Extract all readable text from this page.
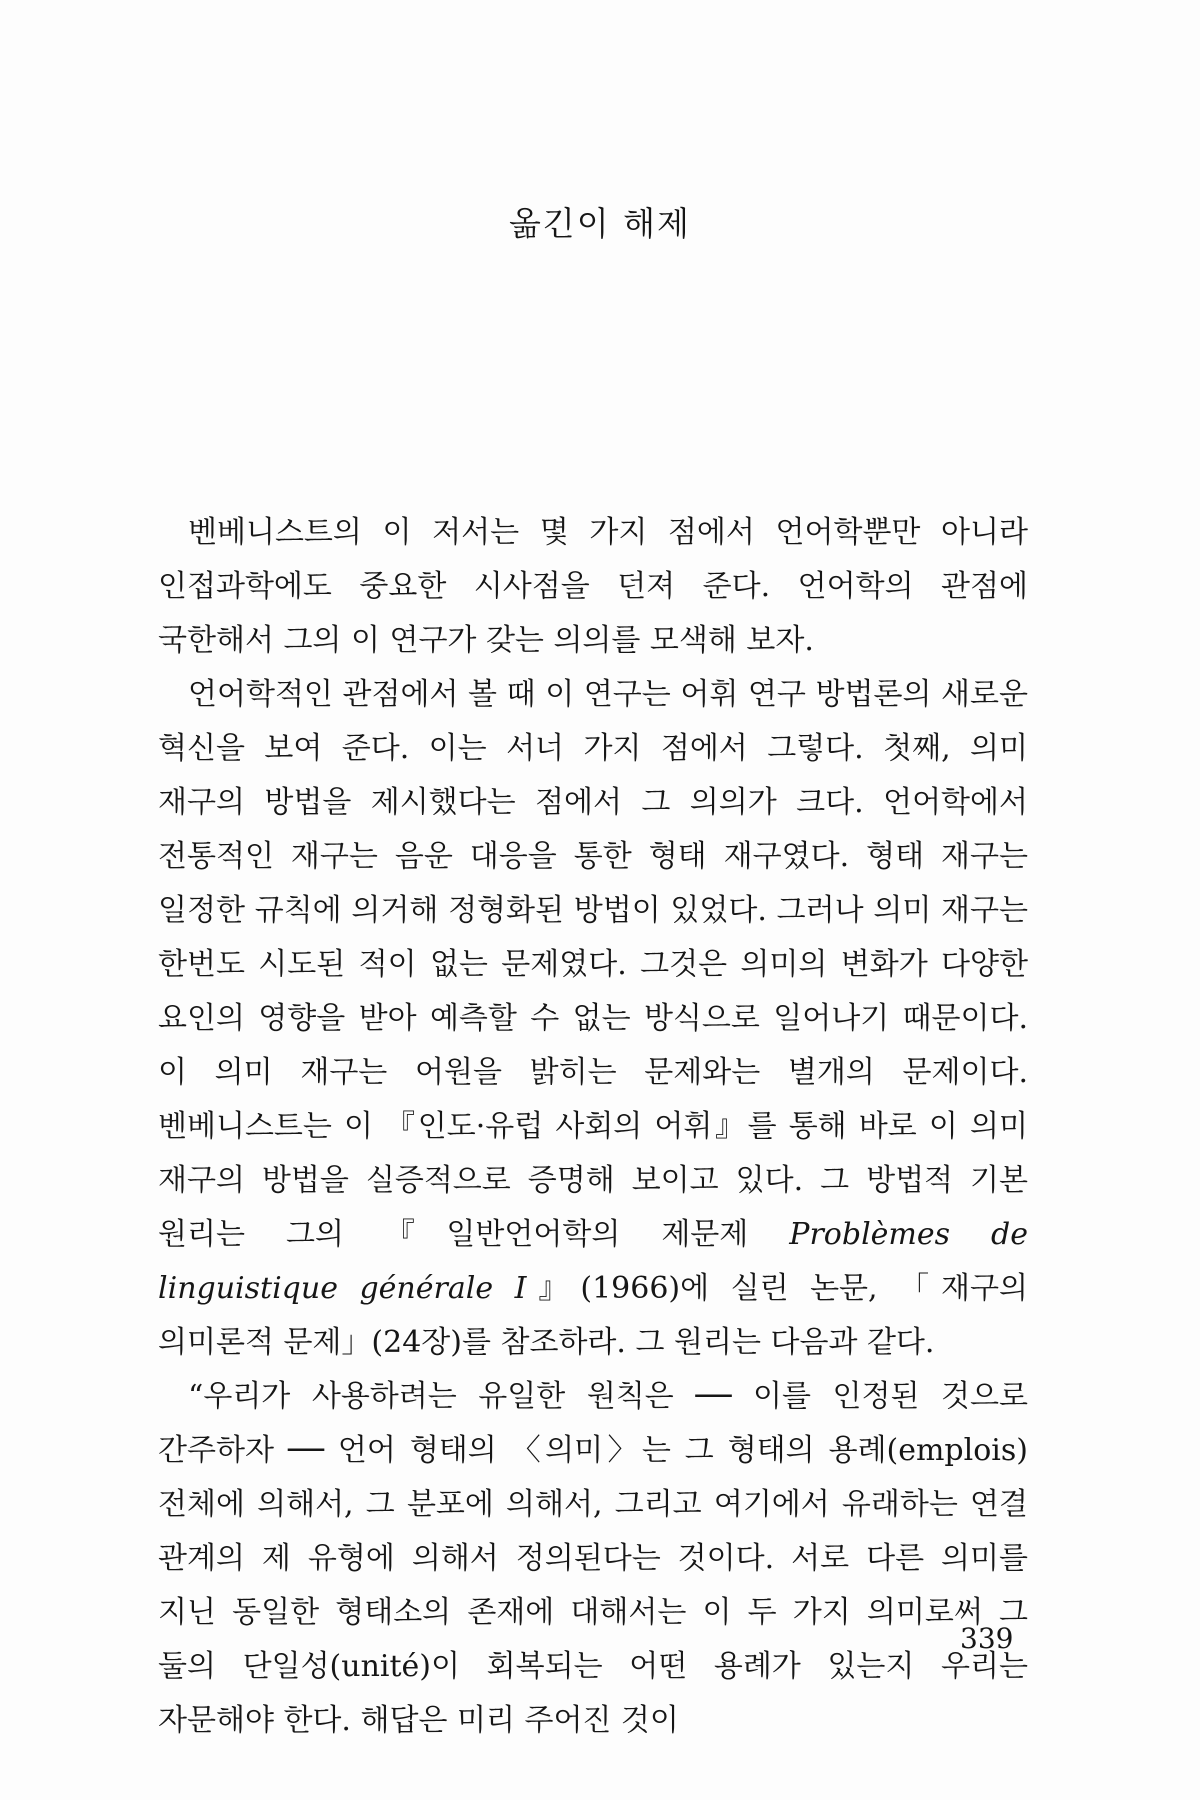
옮긴이 해제

벤베니스트의 이 저서는 몇 가지 점에서 언어학뿐만 아니라 인접과학에도 중요한 시사점을 던져 준다. 언어학의 관점에 국한해서 그의 이 연구가 갖는 의의를 모색해 보자.

언어학적인 관점에서 볼 때 이 연구는 어휘 연구 방법론의 새로운 혁신을 보여 준다. 이는 서너 가지 점에서 그렇다. 첫째, 의미 재구의 방법을 제시했다는 점에서 그 의의가 크다. 언어학에서 전통적인 재구는 음운 대응을 통한 형태 재구였다. 형태 재구는 일정한 규칙에 의거해 정형화된 방법이 있었다. 그러나 의미 재구는 한번도 시도된 적이 없는 문제였다. 그것은 의미의 변화가 다양한 요인의 영향을 받아 예측할 수 없는 방식으로 일어나기 때문이다. 이 의미 재구는 어원을 밝히는 문제와는 별개의 문제이다. 벤베니스트는 이 『인도·유럽 사회의 어휘』를 통해 바로 이 의미 재구의 방법을 실증적으로 증명해 보이고 있다. 그 방법적 기본 원리는 그의 『일반언어학의 제문제 Problèmes de linguistique générale I』(1966)에 실린 논문, 「재구의 의미론적 문제」(24장)를 참조하라. 그 원리는 다음과 같다.

“우리가 사용하려는 유일한 원칙은 ── 이를 인정된 것으로 간주하자 ── 언어 형태의 〈의미〉는 그 형태의 용례(emplois) 전체에 의해서, 그 분포에 의해서, 그리고 여기에서 유래하는 연결 관계의 제 유형에 의해서 정의된다는 것이다. 서로 다른 의미를 지닌 동일한 형태소의 존재에 대해서는 이 두 가지 의미로써 그 둘의 단일성(unité)이 회복되는 어떤 용례가 있는지 우리는 자문해야 한다. 해답은 미리 주어진 것이

339
